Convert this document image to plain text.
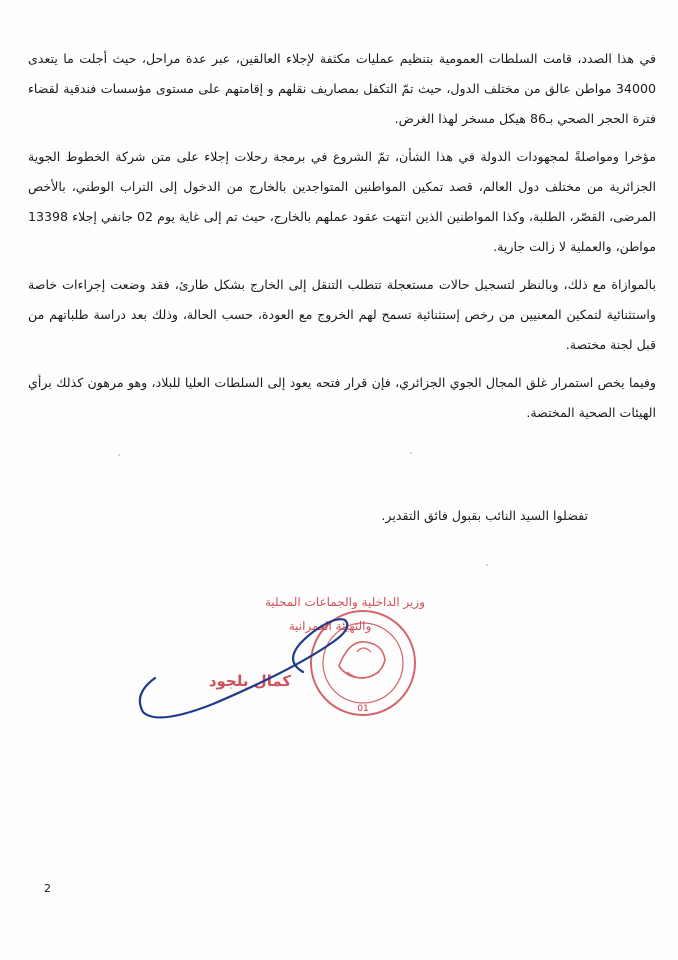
في هذا الصدد، قامت السلطات العمومية بتنظيم عمليات مكثفة لإجلاء العالقين، عبر عدة مراحل، حيث أجلت ما يتعدى 34000 مواطن عالق من مختلف الدول، حيث تمّ التكفل بمصاريف نقلهم و إقامتهم على مستوى مؤسسات فندقية لقضاء فترة الحجر الصحي بـ86 هيكل مسخر لهذا الغرض.

مؤخرا ومواصلةً لمجهودات الدولة في هذا الشأن، تمّ الشروع في برمجة رحلات إجلاء على متن شركة الخطوط الجوية الجزائرية من مختلف دول العالم، قصد تمكين المواطنين المتواجدين بالخارج من الدخول إلى التراب الوطني، بالأخص المرضى، القصّر، الطلبة، وكذا المواطنين الذين انتهت عقود عملهم بالخارج، حيث تم إلى غاية يوم 02 جانفي إجلاء 13398 مواطن، والعملية لا زالت جارية.

بالموازاة مع ذلك، وبالنظر لتسجيل حالات مستعجلة تتطلب التنقل إلى الخارج بشكل طارئ، فقد وضعت إجراءات خاصة واستثنائية لتمكين المعنيين من رخص إستثنائية تسمح لهم الخروج مع العودة، حسب الحالة، وذلك بعد دراسة طلباتهم من قبل لجنة مختصة.

وفيما يخص استمرار غلق المجال الجوي الجزائري، فإن قرار فتحه يعود إلى السلطات العليا للبلاد، وهو مرهون كذلك برأي الهيئات الصحية المختصة.

تفضلوا السيد النائب بقبول فائق التقدير.
وزير الداخلية والجماعات المحلية
والتهيئة العمرانية
01
كمال بلجود
2
